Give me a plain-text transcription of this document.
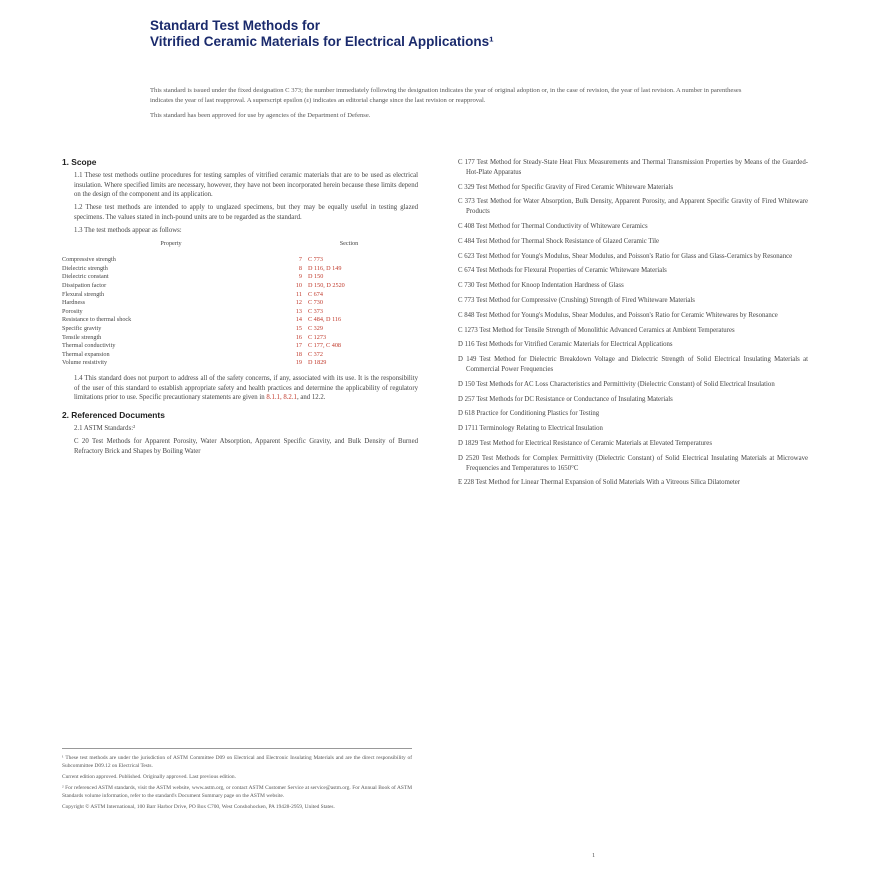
Standard Test Methods for
Vitrified Ceramic Materials for Electrical Applications¹
This standard is issued under the fixed designation C 373; the number immediately following the designation indicates the year of original adoption or, in the case of revision, the year of last revision. A number in parentheses indicates the year of last reapproval. A superscript epsilon (ε) indicates an editorial change since the last revision or reapproval.
This standard has been approved for use by agencies of the Department of Defense.
1. Scope

1.1 These test methods outline procedures for testing samples of vitrified ceramic materials that are to be used as electrical insulation. Where specified limits are necessary, however, they have not been incorporated herein because these limits depend on the design of the component and its application.

1.2 These test methods are intended to apply to unglazed specimens, but they may be equally useful in testing glazed specimens. The values stated in inch-pound units are to be regarded as the standard.

1.3 The test methods appear as follows:

Property	Section	
Compressive strength	7	C 773
Dielectric strength	8	D 116, D 149
Dielectric constant	9	D 150
Dissipation factor	10	D 150, D 2520
Flexural strength	11	C 674
Hardness	12	C 730
Porosity	13	C 373
Resistance to thermal shock	14	C 484, D 116
Specific gravity	15	C 329
Tensile strength	16	C 1273
Thermal conductivity	17	C 177, C 408
Thermal expansion	18	C 372
Volume resistivity	19	D 1829

1.4 This standard does not purport to address all of the safety concerns, if any, associated with its use. It is the responsibility of the user of this standard to establish appropriate safety and health practices and determine the applicability of regulatory limitations prior to use. Specific precautionary statements are given in 8.1.1, 8.2.1, and 12.2.

2. Referenced Documents

2.1 ASTM Standards:²

C 20 Test Methods for Apparent Porosity, Water Absorption, Apparent Specific Gravity, and Bulk Density of Burned Refractory Brick and Shapes by Boiling Water

C 177 Test Method for Steady-State Heat Flux Measurements and Thermal Transmission Properties by Means of the Guarded-Hot-Plate Apparatus

C 329 Test Method for Specific Gravity of Fired Ceramic Whiteware Materials

C 373 Test Method for Water Absorption, Bulk Density, Apparent Porosity, and Apparent Specific Gravity of Fired Whiteware Products

C 408 Test Method for Thermal Conductivity of Whiteware Ceramics

C 484 Test Method for Thermal Shock Resistance of Glazed Ceramic Tile

C 623 Test Method for Young's Modulus, Shear Modulus, and Poisson's Ratio for Glass and Glass-Ceramics by Resonance

C 674 Test Methods for Flexural Properties of Ceramic Whiteware Materials

C 730 Test Method for Knoop Indentation Hardness of Glass

C 773 Test Method for Compressive (Crushing) Strength of Fired Whiteware Materials

C 848 Test Method for Young's Modulus, Shear Modulus, and Poisson's Ratio for Ceramic Whitewares by Resonance

C 1273 Test Method for Tensile Strength of Monolithic Advanced Ceramics at Ambient Temperatures

D 116 Test Methods for Vitrified Ceramic Materials for Electrical Applications

D 149 Test Method for Dielectric Breakdown Voltage and Dielectric Strength of Solid Electrical Insulating Materials at Commercial Power Frequencies

D 150 Test Methods for AC Loss Characteristics and Permittivity (Dielectric Constant) of Solid Electrical Insulation

D 257 Test Methods for DC Resistance or Conductance of Insulating Materials

D 618 Practice for Conditioning Plastics for Testing

D 1711 Terminology Relating to Electrical Insulation

D 1829 Test Method for Electrical Resistance of Ceramic Materials at Elevated Temperatures

D 2520 Test Methods for Complex Permittivity (Dielectric Constant) of Solid Electrical Insulating Materials at Microwave Frequencies and Temperatures to 1650°C

E 228 Test Method for Linear Thermal Expansion of Solid Materials With a Vitreous Silica Dilatometer

¹ These test methods are under the jurisdiction of ASTM Committee D09 on Electrical and Electronic Insulating Materials and are the direct responsibility of Subcommittee D09.12 on Electrical Tests.

Current edition approved. Published. Originally approved. Last previous edition.

² For referenced ASTM standards, visit the ASTM website, www.astm.org, or contact ASTM Customer Service at service@astm.org. For Annual Book of ASTM Standards volume information, refer to the standard's Document Summary page on the ASTM website.

Copyright © ASTM International, 100 Barr Harbor Drive, PO Box C700, West Conshohocken, PA 19428-2959, United States.

1
